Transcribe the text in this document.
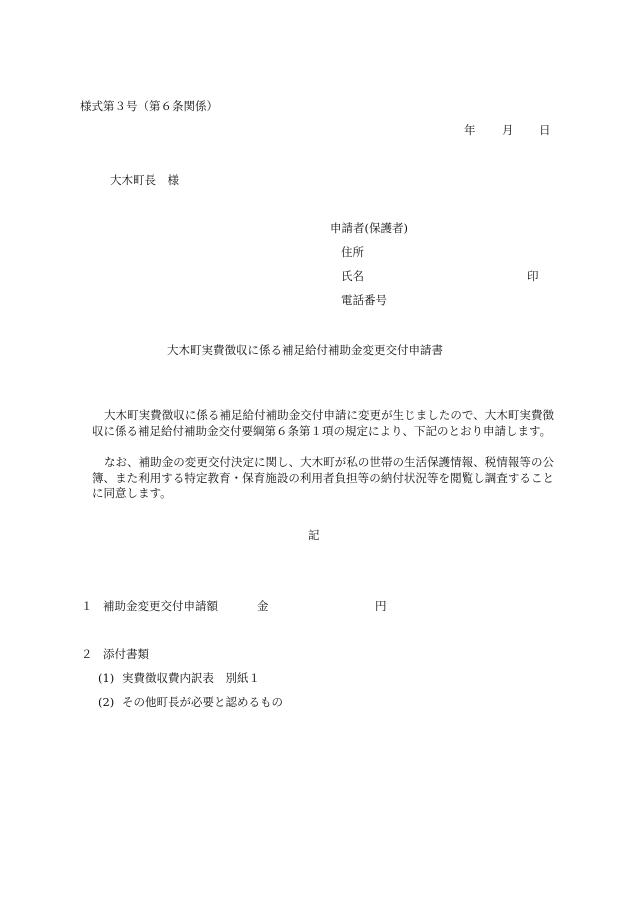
様式第３号（第６条関係）
年 月 日
大木町長　様
申請者(保護者)
住所
氏名	印
電話番号
大木町実費徴収に係る補足給付補助金変更交付申請書

大木町実費徴収に係る補足給付補助金交付申請に変更が生じましたので、大木町実費徴収に係る補足給付補助金交付要綱第６条第１項の規定により、下記のとおり申請します。

なお、補助金の変更交付決定に関し、大木町が私の世帯の生活保護情報、税情報等の公簿、また利用する特定教育・保育施設の利用者負担等の納付状況等を閲覧し調査することに同意します。

記
１ 補助金変更交付申請額	金	円
２ 添付書類
(1) 実費徴収費内訳表　別紙１
(2) その他町長が必要と認めるもの
